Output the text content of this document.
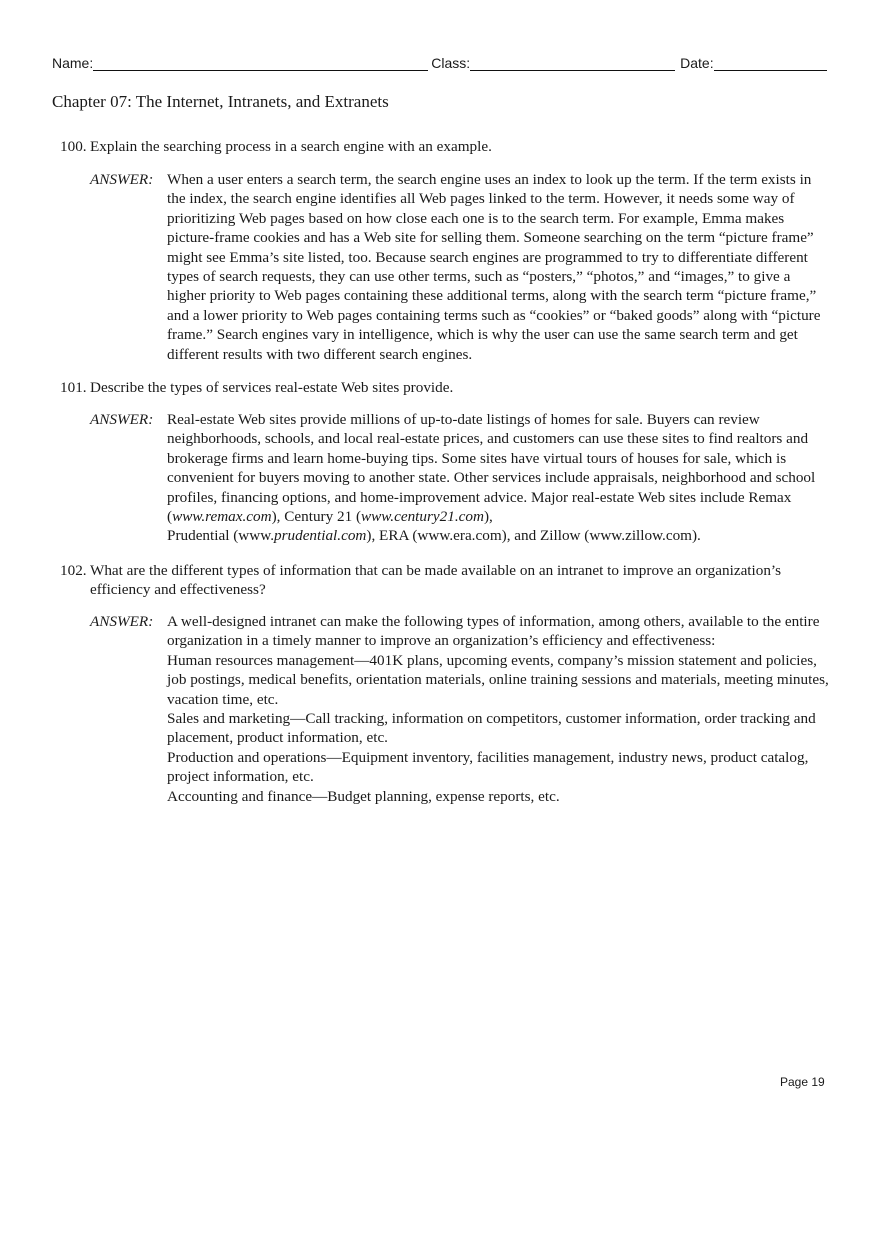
Name:	Class:	Date:
Chapter 07: The Internet, Intranets, and Extranets
100. Explain the searching process in a search engine with an example.
ANSWER: When a user enters a search term, the search engine uses an index to look up the term. If the term exists in the index, the search engine identifies all Web pages linked to the term. However, it needs some way of prioritizing Web pages based on how close each one is to the search term. For example, Emma makes picture-frame cookies and has a Web site for selling them. Someone searching on the term “picture frame” might see Emma’s site listed, too. Because search engines are programmed to try to differentiate different types of search requests, they can use other terms, such as “posters,” “photos,” and “images,” to give a higher priority to Web pages containing these additional terms, along with the search term “picture frame,” and a lower priority to Web pages containing terms such as “cookies” or “baked goods” along with “picture frame.” Search engines vary in intelligence, which is why the user can use the same search term and get different results with two different search engines.
101. Describe the types of services real-estate Web sites provide.
ANSWER: Real-estate Web sites provide millions of up-to-date listings of homes for sale. Buyers can review neighborhoods, schools, and local real-estate prices, and customers can use these sites to find realtors and brokerage firms and learn home-buying tips. Some sites have virtual tours of houses for sale, which is convenient for buyers moving to another state. Other services include appraisals, neighborhood and school profiles, financing options, and home-improvement advice. Major real-estate Web sites include Remax (www.remax.com), Century 21 (www.century21.com),
Prudential (www.prudential.com), ERA (www.era.com), and Zillow (www.zillow.com).
102. What are the different types of information that can be made available on an intranet to improve an organization’s efficiency and effectiveness?
ANSWER: A well-designed intranet can make the following types of information, among others, available to the entire organization in a timely manner to improve an organization’s efficiency and effectiveness:
Human resources management—401K plans, upcoming events, company’s mission statement and policies, job postings, medical benefits, orientation materials, online training sessions and materials, meeting minutes, vacation time, etc.
Sales and marketing—Call tracking, information on competitors, customer information, order tracking and placement, product information, etc.
Production and operations—Equipment inventory, facilities management, industry news, product catalog, project information, etc.
Accounting and finance—Budget planning, expense reports, etc.
Page 19
